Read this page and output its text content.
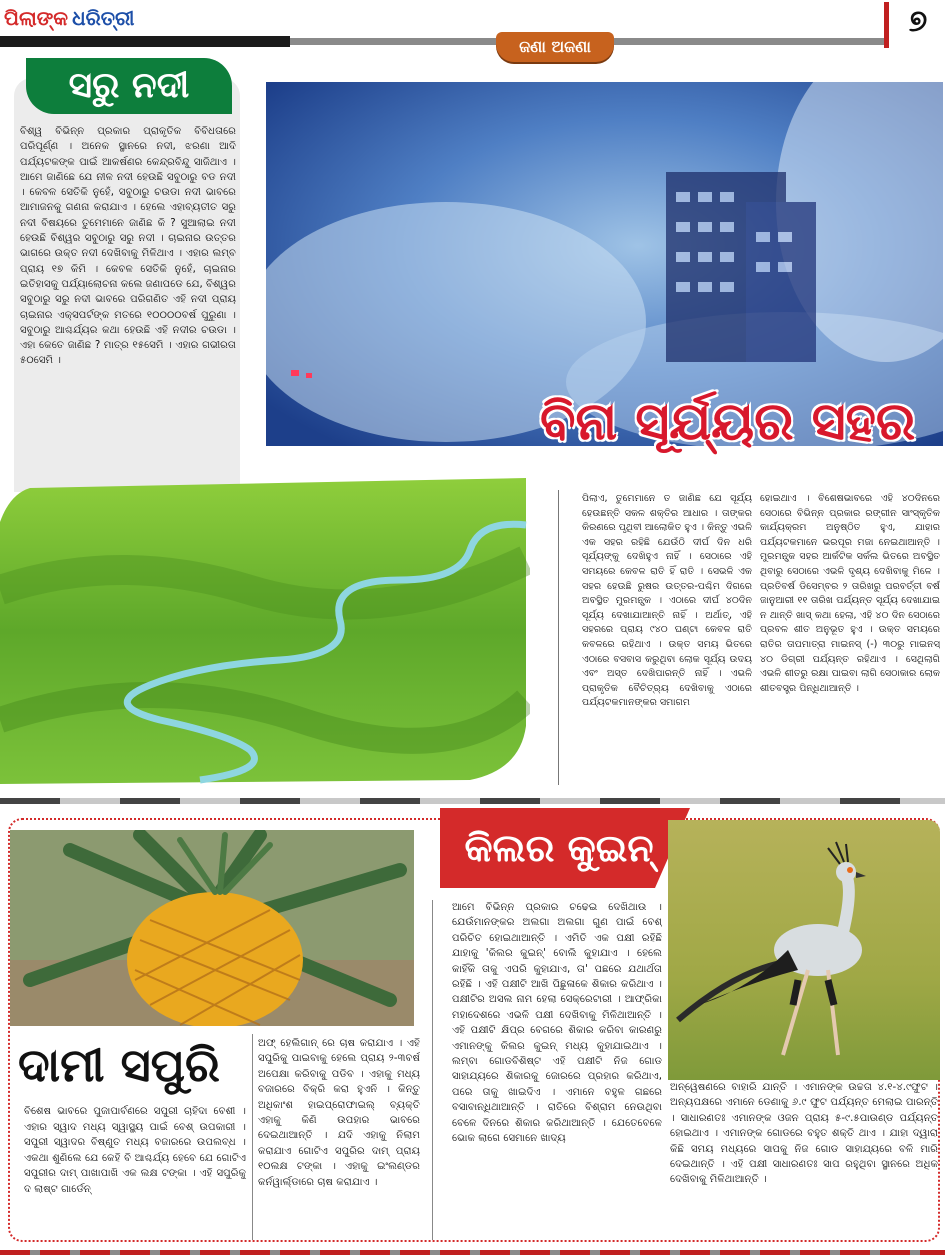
ପିଲାଙ୍କ ଧରିତ୍ରୀ	୭
ଜଣା ଅଜଣା
ସରୁ ନଦୀ
ବିଶ୍ୱ ବିଭିନ୍ନ ପ୍ରକାର ପ୍ରାକୃତିକ ବିବିଧତାରେ ପରିପୂର୍ଣ୍ଣ । ଅନେକ ସ୍ଥାନରେ ନଦୀ, ଝରଣା ଆଦି ପର୍ଯ୍ୟଟକଙ୍କ ପାଇଁ ଆକର୍ଷଣର କେନ୍ଦ୍ରବିନ୍ଦୁ ସାଜିଥାଏ । ଆମେ ଜାଣିଛେ ଯେ ନୀଳ ନଦୀ ହେଉଛି ସବୁଠାରୁ ବଡ ନଦୀ । କେବଳ ସେତିକି ନୁହେଁ, ସବୁଠାରୁ ଚଉଡା ନଦୀ ଭାବରେ ଆମାଜନକୁ ଗଣନା କରାଯାଏ । ହେଲେ ଏହାବ୍ୟତୀତ ସରୁ ନଦୀ ବିଷୟରେ ତୁମେମାନେ ଜାଣିଛ କି ? ସୁଆଲାଇ ନଦୀ ହେଉଛି ବିଶ୍ୱର ସବୁଠାରୁ ସରୁ ନଦୀ । ଚାଇନାର ଉତ୍ତର ଭାଗରେ ଉକ୍ତ ନଦୀ ଦେଖିବାକୁ ମିଳିଥାଏ । ଏହାର ଲମ୍ବ ପ୍ରାୟ ୧୭ କିମି । କେବଳ ସେତିକି ନୁହେଁ, ଚାଇନାର ଇତିହାସକୁ ପର୍ଯ୍ୟାଲୋଚନା କଲେ ଜଣାପଡେ ଯେ, ବିଶ୍ୱର ସବୁଠାରୁ ସରୁ ନଦୀ ଭାବରେ ପରିଗଣିତ ଏହି ନଦୀ ପ୍ରାୟ ଚାଇନାର ଏକ୍ସପର୍ଟଙ୍କ ମତରେ ୧୦୦୦୦ବର୍ଷ ପୁରୁଣା । ସବୁଠାରୁ ଆଶ୍ଚର୍ଯ୍ୟର କଥା ହେଉଛି ଏହି ନଦୀର ଚଉଡା । ଏହା କେତେ ଜାଣିଛ ? ମାତ୍ର ୧୫ସେମି । ଏହାର ଗଭୀରତା ୫୦ସେମି ।
ବିନା ସୂର୍ଯ୍ୟର ସହର
ପିଲାଏ, ତୁମେମାନେ ତ ଜାଣିଛ ଯେ ସୂର୍ଯ୍ୟ ହେଉଛନ୍ତି ସକଳ ଶକ୍ତିର ଆଧାର । ତାଙ୍କର କିରଣରେ ପୃଥିବୀ ଆଲୋକିତ ହୁଏ । କିନ୍ତୁ ଏଭଳି ଏକ ସହର ରହିଛି ଯେଉଁଠି ଦୀର୍ଘ ଦିନ ଧରି ସୂର୍ଯ୍ୟଙ୍କୁ ଦେଖିହୁଏ ନାହିଁ । ସେଠାରେ ଏହି ସମୟରେ କେବଳ ରାତି ହିଁ ରାତି । ସେଭଳି ଏକ ସହର ହେଉଛି ରୁଷର ଉତ୍ତର-ପଶ୍ଚିମ ଦିଗରେ ଅବସ୍ଥିତ ମୁରମନ୍ସ୍କ । ଏଠାରେ ଦୀର୍ଘ ୪୦ଦିନ ସୂର୍ଯ୍ୟ ଦେଖାଯାଆନ୍ତି ନାହିଁ । ଅର୍ଥାତ୍, ଏହି ସହରରେ ପ୍ରାୟ ୯୪୦ ଘଣ୍ଟା କେବଳ ରାତି କବଳରେ ରହିଥାଏ । ଉକ୍ତ ସମୟ ଭିତରେ ଏଠାରେ ବସବାସ କରୁଥିବା ଲୋକ ସୂର୍ଯ୍ୟ ଉଦୟ ଏବଂ ଅସ୍ତ ଦେଖିପାରନ୍ତି ନାହିଁ । ଏଭଳି ପ୍ରାକୃତିକ ବୈଚିତ୍ର୍ୟ ଦେଖିବାକୁ ଏଠାରେ ପର୍ଯ୍ୟଟକମାନଙ୍କର ସମାଗମ
ହୋଇଥାଏ । ବିଶେଷଭାବରେ ଏହି ୪୦ଦିନରେ ସେଠାରେ ବିଭିନ୍ନ ପ୍ରକାର ରଙ୍ଗୀନ ସାଂସ୍କୃତିକ କାର୍ଯ୍ୟକ୍ରମ ଅନୁଷ୍ଠିତ ହୁଏ, ଯାହାର ପର୍ଯ୍ୟଟକମାନେ ଭରପୂର ମଜା ନେଇଥାଆନ୍ତି । ମୁରମନ୍ସ୍କ ସହର ଆର୍କଟିକ ସର୍କଲ ଭିତରେ ଅବସ୍ଥିତ ଥିବାରୁ ସେଠାରେ ଏଭଳି ଦୃଶ୍ୟ ଦେଖିବାକୁ ମିଳେ । ପ୍ରତିବର୍ଷ ଡିସେମ୍ବର ୨ ତାରିଖରୁ ପରବର୍ତ୍ତୀ ବର୍ଷ ଜାନୁଆରୀ ୧୧ ତାରିଖ ପର୍ଯ୍ୟନ୍ତ ସୂର୍ଯ୍ୟ ଦେଖାଯାଇ ନ ଥାନ୍ତି ଖାସ୍ କଥା ହେଲା, ଏହି ୪୦ ଦିନ ସେଠାରେ ପ୍ରବଳ ଶୀତ ଅନୁଭୂତ ହୁଏ । ଉକ୍ତ ସମୟରେ ରାତିର ତାପମାତ୍ରା ମାଇନସ୍ (-) ୩୦ରୁ ମାଇନସ୍ ୪୦ ଡିଗ୍ରୀ ପର୍ଯ୍ୟନ୍ତ ରହିଥାଏ । ସେଥିଲାଗି ଏଭଳି ଶୀତରୁ ରକ୍ଷା ପାଇବା ଲାଗି ସେଠାକାର ଲୋକ ଶୀତବସ୍ତ୍ର ପିନ୍ଧିଥାଆନ୍ତି ।
କିଲର କୁଇନ୍
ଦାମୀ ସପୁରି
ବିଶେଷ ଭାବରେ ପୁଜାପାର୍ବଣରେ ସପୁରୀ ଚାହିଦା ବେଶୀ । ଏହାର ସ୍ୱାଦ ମଧ୍ୟ ସ୍ୱାସ୍ଥ୍ୟ ପାଇଁ ବେଶ୍ ଉପକାରୀ । ସପୁରୀ ସ୍ୱାଦର ବିଷ୍ଣୁତ ମଧ୍ୟ ବଜାରରେ ଉପଲବ୍ଧ । ଏକଥା ଶୁଣିଲେ ଯେ କେହି ବି ଆଶ୍ଚର୍ଯ୍ୟ ହେବେ ଯେ ଗୋଟିଏ ସପୁରୀର ଦାମ୍ ପାଖାପାଖି ଏକ ଲକ୍ଷ ଟଙ୍କା । ଏହି ସପୁରିକୁ ଦ ଲାଷ୍ଟ ଗାର୍ଡେନ୍
ଅଫ୍ ହେଲିଗାନ୍ ରେ ଚାଷ କରାଯାଏ । ଏହି ସପୁରିକୁ ପାଇବାକୁ ହେଲେ ପ୍ରାୟ ୨-୩ବର୍ଷ ଅପେକ୍ଷା କରିବାକୁ ପଡିବ । ଏହାକୁ ମଧ୍ୟ ବଜାରରେ ବିକ୍ରି କରା ହୁଏନି । କିନ୍ତୁ ଅଧିକାଂଶ ହାଇପ୍ରୋଫାଇଲ୍ ବ୍ୟକ୍ତି ଏହାକୁ କିଣି ଉପହାର ଭାବରେ ଦେଇଥାଆନ୍ତି । ଯଦି ଏହାକୁ ନିଲାମ କରାଯାଏ ଗୋଟିଏ ସପୁରିର ଦାମ୍ ପ୍ରାୟ ୧୦ଲକ୍ଷ ଟଙ୍କା । ଏହାକୁ ଇଂଲଣ୍ଡର କର୍ନୱାର୍ଲ୍ଡାରେ ଚାଷ କରାଯାଏ ।
ଆମେ ବିଭିନ୍ନ ପ୍ରକାର ଚଢେଇ ଦେଖିଥାଉ । ଯେଉଁମାନଙ୍କର ଅଲଗା ଅଲଗା ଗୁଣ ପାଇଁ ବେଶ୍ ପରିଚିତ ହୋଇଥାଆନ୍ତି । ଏମିତି ଏକ ପକ୍ଷୀ ରହିଛି ଯାହାକୁ 'କିଲର କୁଇନ୍' ବୋଲି କୁହାଯାଏ । ହେଲେ କାହିଁକି ତାକୁ ଏପରି କୁହାଯାଏ, ତା' ପଛରେ ଯଥାର୍ଥତା ରହିଛି । ଏହି ପକ୍ଷୀଟି ଆଖି ପିଛୁଳାକେ ଶିକାର କରିଥାଏ । ପକ୍ଷୀଟିର ଅସଲ ନାମ ହେଲା ସେକ୍ରେଟାରୀ । ଆଫ୍ରିକା ମହାଦେଶରେ ଏଭଳି ପକ୍ଷୀ ଦେଖିବାକୁ ମିଳିଥାଆନ୍ତି । ଏହି ପକ୍ଷୀଟି କ୍ଷିପ୍ର ବେଗରେ ଶିକାର କରିବା କାରଣରୁ ଏମାନଙ୍କୁ କିଲର କୁଇନ୍ ମଧ୍ୟ କୁହାଯାଇଥାଏ । ଲମ୍ବା ଗୋଡବିଶିଷ୍ଟ ଏହି ପକ୍ଷୀଟି ନିଜ ଗୋଡ ସାହାଯ୍ୟରେ ଶିକାରକୁ ଜୋରରେ ପ୍ରହାର କରିଥାଏ, ପରେ ତାକୁ ଖାଇଦିଏ । ଏମାନେ ବହୁଳ ଗଛରେ ବସାବାନ୍ଧିଥାଆନ୍ତି । ରାତିରେ ବିଶ୍ରାମ ନେଉଥିବା ବେଳେ ଦିନରେ ଶିକାର କରିଥାଆନ୍ତି । ଯେତେବେଳେ ଭୋକ ଲାଗେ ସେମାନେ ଖାଦ୍ୟ
ଅନ୍ୱେଷଣରେ ବାହାରି ଯାନ୍ତି । ଏମାନଙ୍କ ଉଚ୍ଚତା ୪.୧-୪.୯ଫୁଟ । ଅନ୍ୟପକ୍ଷରେ ଏମାନେ ଡେଣାକୁ ୬.୯ ଫୁଟ ପର୍ଯ୍ୟନ୍ତ ମେଲାଇ ପାରନ୍ତି । ସାଧାରଣତଃ ଏମାନଙ୍କ ଓଜନ ପ୍ରାୟ ୫-୯.୫ପାଉଣ୍ଡ ପର୍ଯ୍ୟନ୍ତ ହୋଇଥାଏ । ଏମାନଙ୍କ ଗୋଡରେ ବହୁତ ଶକ୍ତି ଥାଏ । ଯାହା ଦ୍ୱାରା କିଛି ସମୟ ମଧ୍ୟରେ ସାପକୁ ନିଜ ଗୋଡ ସାହାଯ୍ୟରେ ବଳି ମାରି ଦେଇଥାନ୍ତି । ଏହି ପକ୍ଷୀ ସାଧାରଣତଃ ସାପ ରହୁଥିବା ସ୍ଥାନରେ ଅଧିକ ଦେଖିବାକୁ ମିଳିଥାଆନ୍ତି ।
